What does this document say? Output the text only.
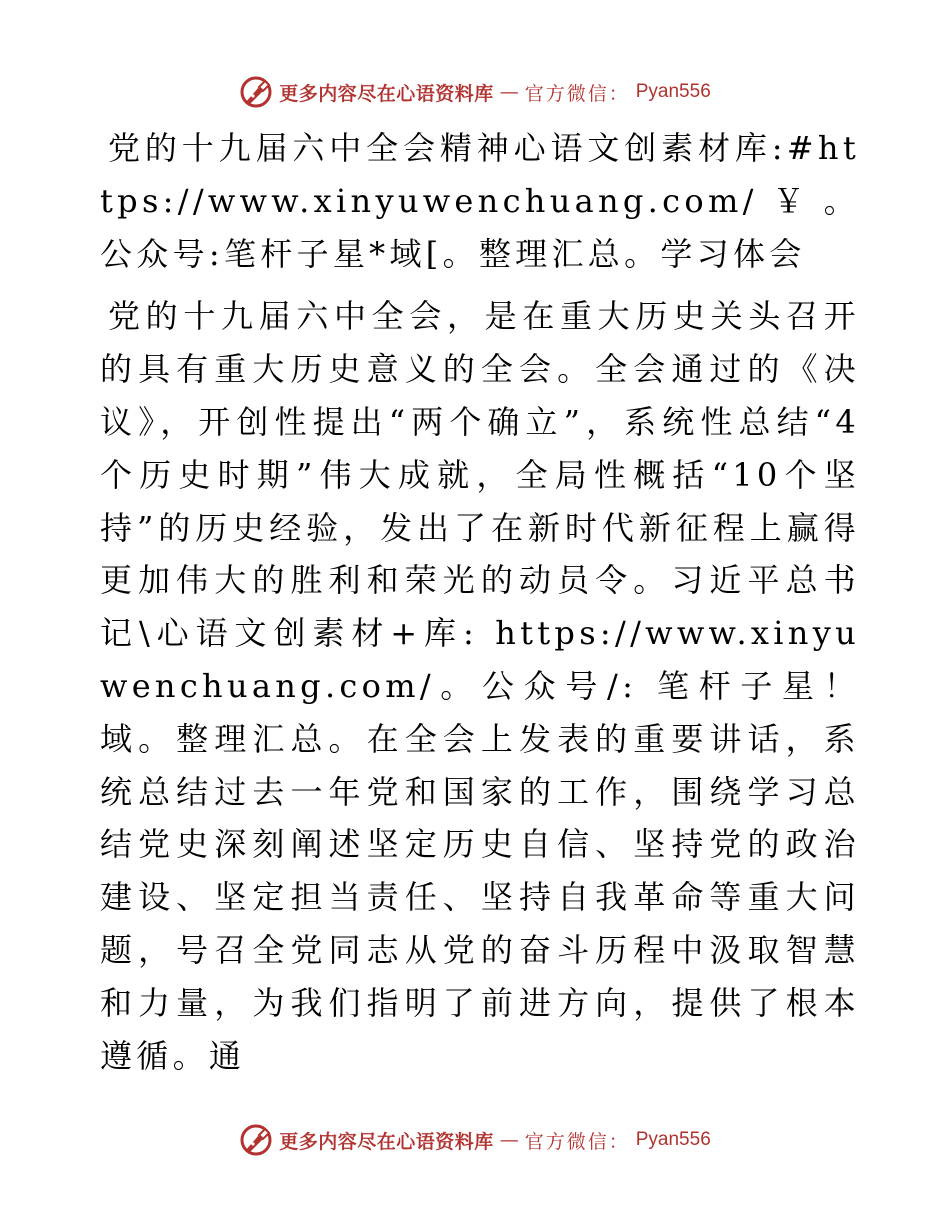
更多内容尽在心语资料库 — 官方微信： Pyan556

党的十九届六中全会精神心语文创素材库:#https://www.xinyuwenchuang.com/￥。公众号:笔杆子星*域[。整理汇总。学习体会

党的十九届六中全会，是在重大历史关头召开的具有重大历史意义的全会。全会通过的《决议》，开创性提出“两个确立”，系统性总结“4个历史时期”伟大成就，全局性概括“10个坚持”的历史经验，发出了在新时代新征程上赢得更加伟大的胜利和荣光的动员令。习近平总书记\心语文创素材+库: https://www.xinyuwenchuang.com/。公众号/: 笔杆子星！域。整理汇总。在全会上发表的重要讲话，系统总结过去一年党和国家的工作，围绕学习总结党史深刻阐述坚定历史自信、坚持党的政治建设、坚定担当责任、坚持自我革命等重大问题，号召全党同志从党的奋斗历程中汲取智慧和力量，为我们指明了前进方向，提供了根本遵循。通

更多内容尽在心语资料库 — 官方微信： Pyan556
